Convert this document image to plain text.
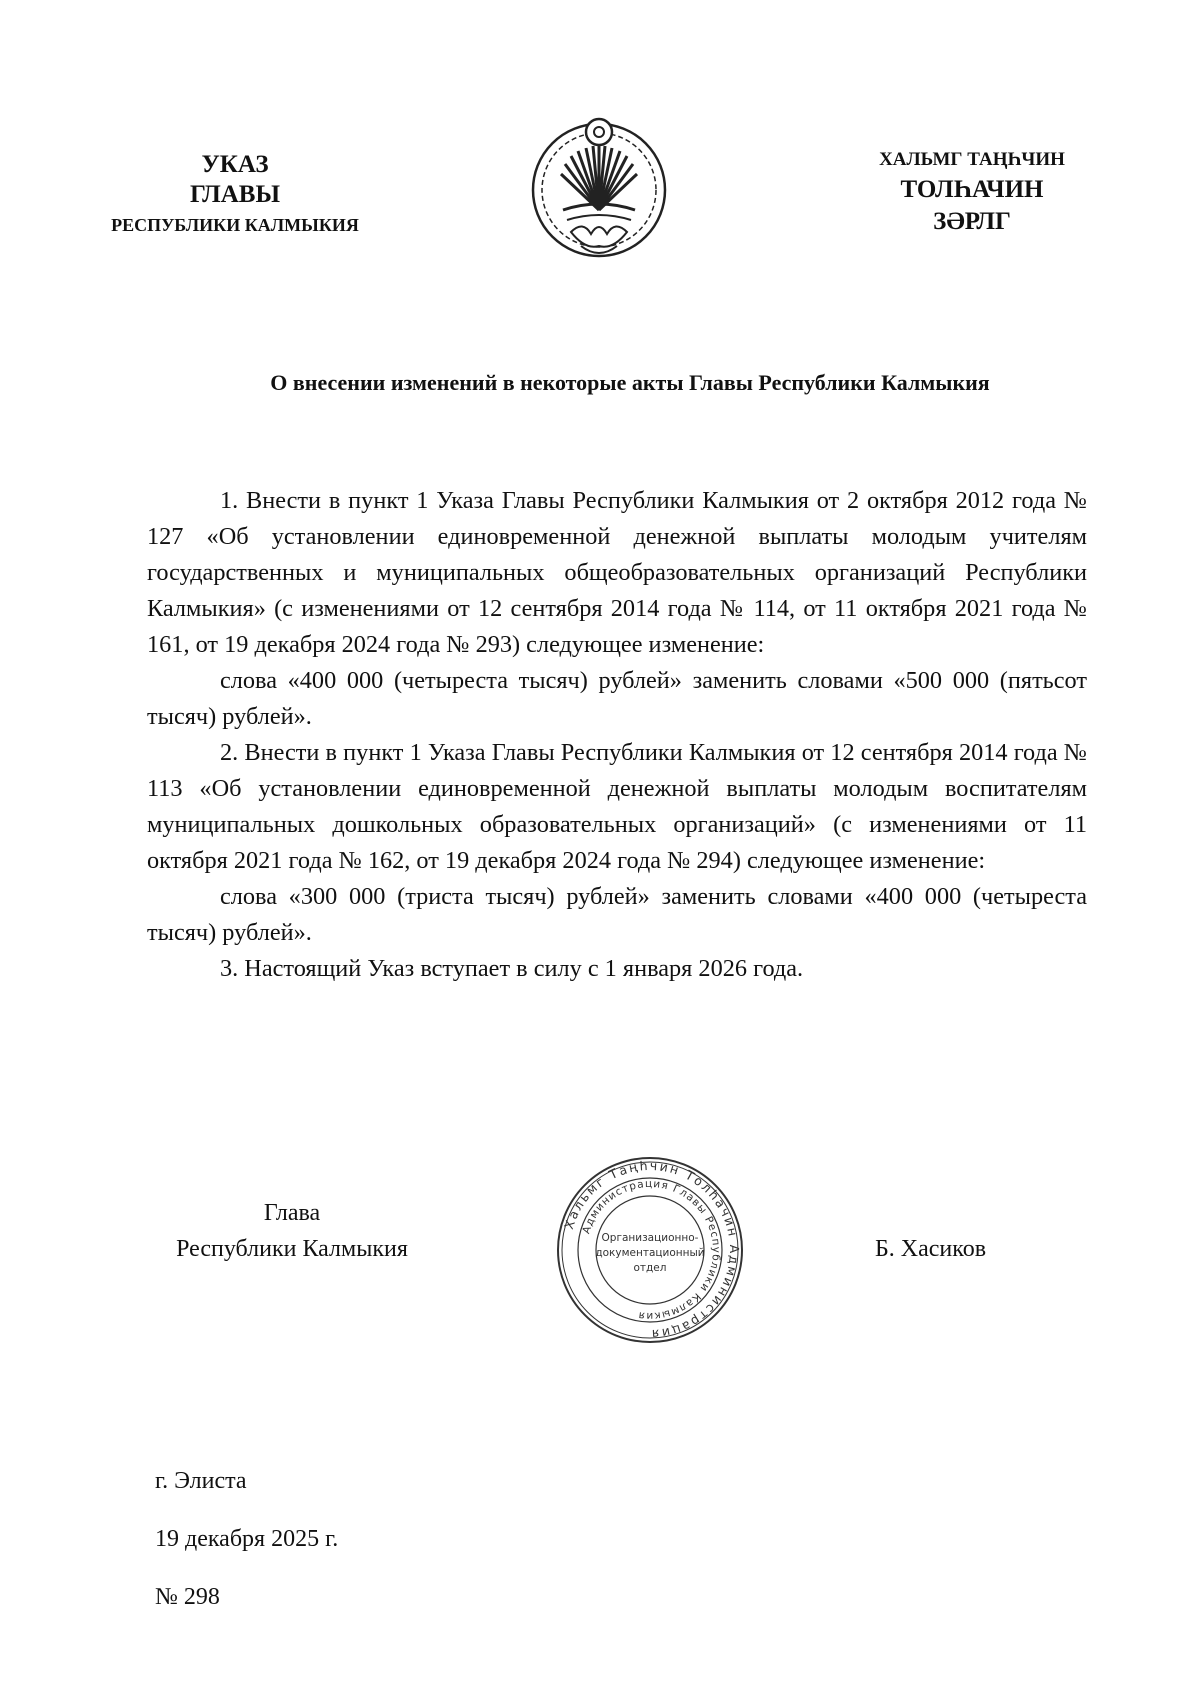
УКАЗ
ГЛАВЫ
РЕСПУБЛИКИ КАЛМЫКИЯ
ХАЛЬМГ ТАҢҺЧИН
ТОЛҺАЧИН
ЗӘРЛГ
О внесении изменений в некоторые акты Главы Республики Калмыкия

1. Внести в пункт 1 Указа Главы Республики Калмыкия от 2 октября 2012 года № 127 «Об установлении единовременной денежной выплаты молодым учителям государственных и муниципальных общеобразовательных организаций Республики Калмыкия» (с изменениями от 12 сентября 2014 года № 114, от 11 октября 2021 года № 161, от 19 декабря 2024 года № 293) следующее изменение:

слова «400 000 (четыреста тысяч) рублей» заменить словами «500 000 (пятьсот тысяч) рублей».

2. Внести в пункт 1 Указа Главы Республики Калмыкия от 12 сентября 2014 года № 113 «Об установлении единовременной денежной выплаты молодым воспитателям муниципальных дошкольных образовательных организаций» (с изменениями от 11 октября 2021 года № 162, от 19 декабря 2024 года № 294) следующее изменение:

слова «300 000 (триста тысяч) рублей» заменить словами «400 000 (четыреста тысяч) рублей».

3. Настоящий Указ вступает в силу с 1 января 2026 года.

Глава
Республики Калмыкия
Хальмг Таңһчин Толһачин Администрация
Администрация Главы Республики Калмыкия
Организационно-
документационный
отдел
Б. Хасиков
г. Элиста
19 декабря 2025 г.
№ 298
